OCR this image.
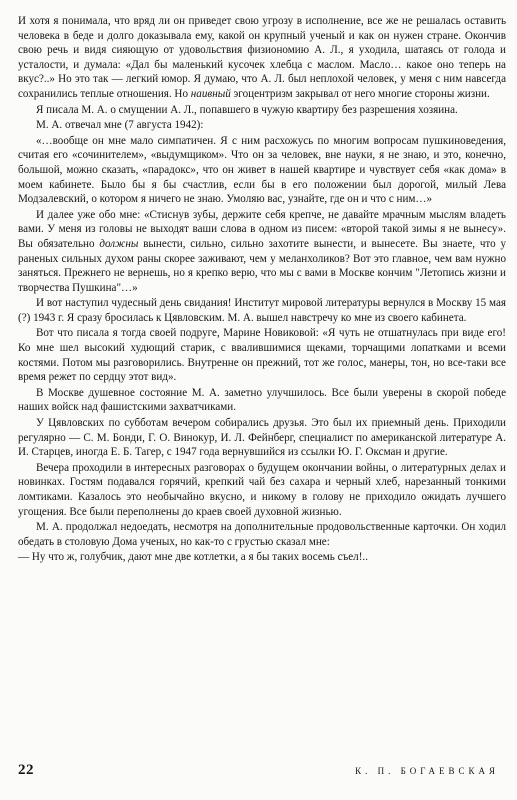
И хотя я понимала, что вряд ли он приведет свою угрозу в исполнение, все же не решалась оставить человека в беде и долго доказывала ему, какой он крупный ученый и как он нужен стране. Окончив свою речь и видя сияющую от удовольствия физиономию А. Л., я уходила, шатаясь от голода и усталости, и думала: «Дал бы маленький кусочек хлебца с маслом. Масло… какое оно теперь на вкус?..» Но это так — легкий юмор. Я думаю, что А. Л. был неплохой человек, у меня с ним навсегда сохранились теплые отношения. Но наивный эгоцентризм закрывал от него многие стороны жизни.

Я писала М. А. о смущении А. Л., попавшего в чужую квартиру без разрешения хозяина.

М. А. отвечал мне (7 августа 1942):

«…вообще он мне мало симпатичен. Я с ним расхожусь по многим вопросам пушкиноведения, считая его «сочинителем», «выдумщиком». Что он за человек, вне науки, я не знаю, и это, конечно, большой, можно сказать, «парадокс», что он живет в нашей квартире и чувствует себя «как дома» в моем кабинете. Было бы я бы счастлив, если бы в его положении был дорогой, милый Лева Модзалевский, о котором я ничего не знаю. Умоляю вас, узнайте, где он и что с ним…»

И далее уже обо мне: «Стиснув зубы, держите себя крепче, не давайте мрачным мыслям владеть вами. У меня из головы не выходят ваши слова в одном из писем: «второй такой зимы я не вынесу». Вы обязательно должны вынести, сильно, сильно захотите вынести, и вынесете. Вы знаете, что у раненых сильных духом раны скорее заживают, чем у меланхоликов? Вот это главное, чем вам нужно заняться. Прежнего не вернешь, но я крепко верю, что мы с вами в Москве кончим "Летопись жизни и творчества Пушкина"…»

И вот наступил чудесный день свидания! Институт мировой литературы вернулся в Москву 15 мая (?) 1943 г. Я сразу бросилась к Цявловским. М. А. вышел навстречу ко мне из своего кабинета.

Вот что писала я тогда своей подруге, Марине Новиковой: «Я чуть не отшатнулась при виде его! Ко мне шел высокий худющий старик, с ввалившимися щеками, торчащими лопатками и всеми костями. Потом мы разговорились. Внутренне он прежний, тот же голос, манеры, тон, но все-таки все время режет по сердцу этот вид».

В Москве душевное состояние М. А. заметно улучшилось. Все были уверены в скорой победе наших войск над фашистскими захватчиками.

У Цявловских по субботам вечером собирались друзья. Это был их приемный день. Приходили регулярно — С. М. Бонди, Г. О. Винокур, И. Л. Фейнберг, специалист по американской литературе А. И. Старцев, иногда Е. Б. Тагер, с 1947 года вернувшийся из ссылки Ю. Г. Оксман и другие.

Вечера проходили в интересных разговорах о будущем окончании войны, о литературных делах и новинках. Гостям подавался горячий, крепкий чай без сахара и черный хлеб, нарезанный тонкими ломтиками. Казалось это необычайно вкусно, и никому в голову не приходило ожидать лучшего угощения. Все были переполнены до краев своей духовной жизнью.

М. А. продолжал недоедать, несмотря на дополнительные продовольственные карточки. Он ходил обедать в столовую Дома ученых, но как-то с грустью сказал мне:

— Ну что ж, голубчик, дают мне две котлетки, а я бы таких восемь съел!..

22	К. П. БОГАЕВСКАЯ
